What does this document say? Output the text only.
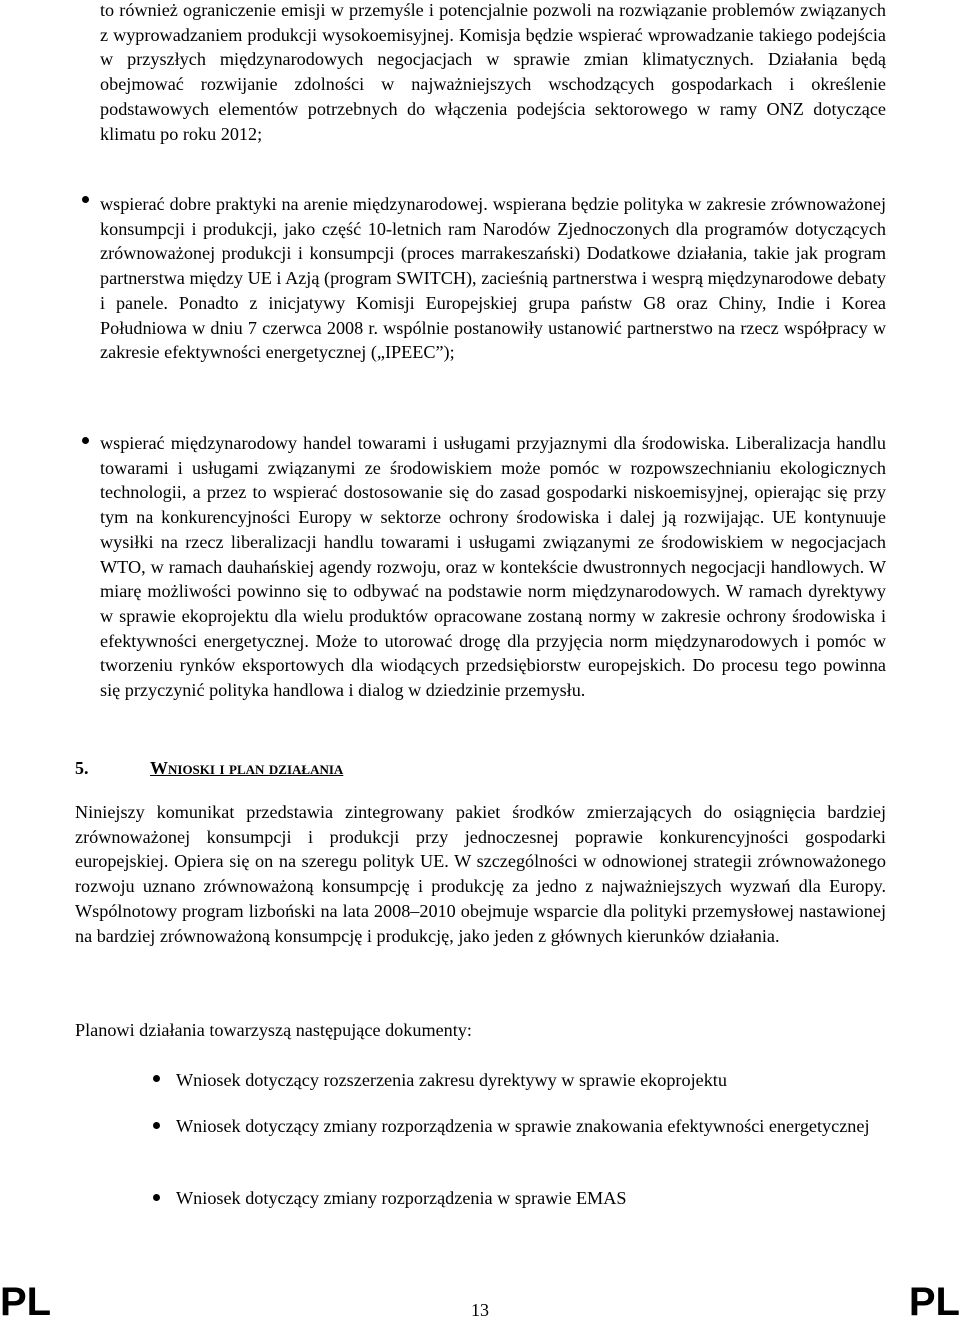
to również ograniczenie emisji w przemyśle i potencjalnie pozwoli na rozwiązanie problemów związanych z wyprowadzaniem produkcji wysokoemisyjnej. Komisja będzie wspierać wprowadzanie takiego podejścia w przyszłych międzynarodowych negocjacjach w sprawie zmian klimatycznych. Działania będą obejmować rozwijanie zdolności w najważniejszych wschodzących gospodarkach i określenie podstawowych elementów potrzebnych do włączenia podejścia sektorowego w ramy ONZ dotyczące klimatu po roku 2012;

wspierać dobre praktyki na arenie międzynarodowej. wspierana będzie polityka w zakresie zrównoważonej konsumpcji i produkcji, jako część 10-letnich ram Narodów Zjednoczonych dla programów dotyczących zrównoważonej produkcji i konsumpcji (proces marrakeszański) Dodatkowe działania, takie jak program partnerstwa między UE i Azją (program SWITCH), zacieśnią partnerstwa i wesprą międzynarodowe debaty i panele. Ponadto z inicjatywy Komisji Europejskiej grupa państw G8 oraz Chiny, Indie i Korea Południowa w dniu 7 czerwca 2008 r. wspólnie postanowiły ustanowić partnerstwo na rzecz współpracy w zakresie efektywności energetycznej („IPEEC”);

wspierać międzynarodowy handel towarami i usługami przyjaznymi dla środowiska. Liberalizacja handlu towarami i usługami związanymi ze środowiskiem może pomóc w rozpowszechnianiu ekologicznych technologii, a przez to wspierać dostosowanie się do zasad gospodarki niskoemisyjnej, opierając się przy tym na konkurencyjności Europy w sektorze ochrony środowiska i dalej ją rozwijając. UE kontynuuje wysiłki na rzecz liberalizacji handlu towarami i usługami związanymi ze środowiskiem w negocjacjach WTO, w ramach dauhańskiej agendy rozwoju, oraz w kontekście dwustronnych negocjacji handlowych. W miarę możliwości powinno się to odbywać na podstawie norm międzynarodowych. W ramach dyrektywy w sprawie ekoprojektu dla wielu produktów opracowane zostaną normy w zakresie ochrony środowiska i efektywności energetycznej. Może to utorować drogę dla przyjęcia norm międzynarodowych i pomóc w tworzeniu rynków eksportowych dla wiodących przedsiębiorstw europejskich. Do procesu tego powinna się przyczynić polityka handlowa i dialog w dziedzinie przemysłu.

5.	Wnioski i plan działania

Niniejszy komunikat przedstawia zintegrowany pakiet środków zmierzających do osiągnięcia bardziej zrównoważonej konsumpcji i produkcji przy jednoczesnej poprawie konkurencyjności gospodarki europejskiej. Opiera się on na szeregu polityk UE. W szczególności w odnowionej strategii zrównoważonego rozwoju uznano zrównoważoną konsumpcję i produkcję za jedno z najważniejszych wyzwań dla Europy. Wspólnotowy program lizboński na lata 2008–2010 obejmuje wsparcie dla polityki przemysłowej nastawionej na bardziej zrównoważoną konsumpcję i produkcję, jako jeden z głównych kierunków działania.

Planowi działania towarzyszą następujące dokumenty:

Wniosek dotyczący rozszerzenia zakresu dyrektywy w sprawie ekoprojektu

Wniosek dotyczący zmiany rozporządzenia w sprawie znakowania efektywności energetycznej

Wniosek dotyczący zmiany rozporządzenia w sprawie EMAS

PL	13	PL
